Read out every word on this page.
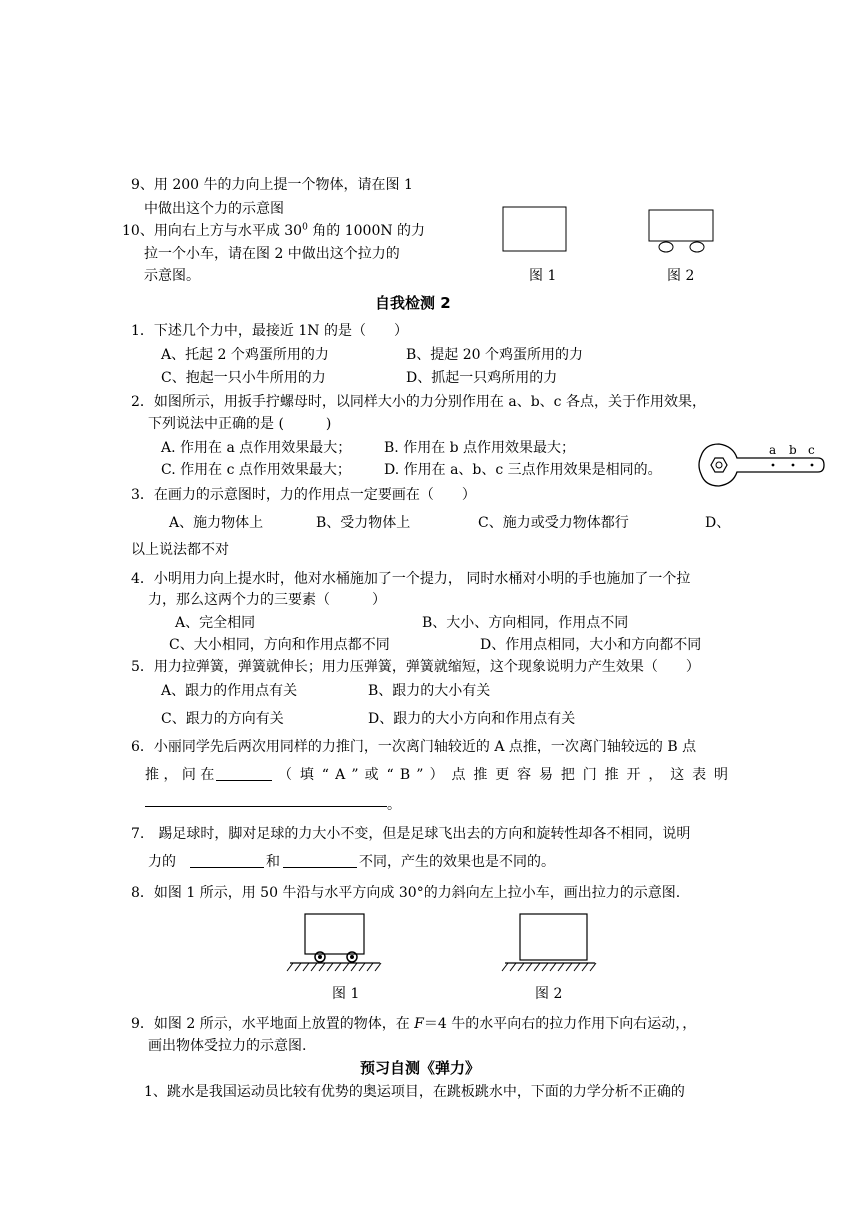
9、用 200 牛的力向上提一个物体，请在图 1
中做出这个力的示意图
10、用向右上方与水平成 $30^0$ 角的 1000N 的力
拉一个小车，请在图 2 中做出这个拉力的
示意图。	图 1	图 2
自我检测 2
1．下述几个力中，最接近 1N 的是（　　）
A、托起 2 个鸡蛋所用的力	B、提起 20 个鸡蛋所用的力
C、抱起一只小牛所用的力	D、抓起一只鸡所用的力
2．如图所示，用扳手拧螺母时，以同样大小的力分别作用在 a、b、c 各点，关于作用效果，
下列说法中正确的是 (　　　)
A. 作用在 a 点作用效果最大； B. 作用在 b 点作用效果最大；
C. 作用在 c 点作用效果最大； D. 作用在 a、b、c 三点作用效果是相同的。
a b c
3．在画力的示意图时，力的作用点一定要画在（　　）
A、施力物体上	B、受力物体上	C、施力或受力物体都行	D、
以上说法都不对
4．小明用力向上提水时，他对水桶施加了一个提力， 同时水桶对小明的手也施加了一个拉
力，那么这两个力的三要素（　　　）
A、完全相同	B、大小、方向相同，作用点不同
C、大小相同，方向和作用点都不同	D、作用点相同，大小和方向都不同
5．用力拉弹簧，弹簧就伸长；用力压弹簧，弹簧就缩短，这个现象说明力产生效果（　　）
A、跟力的作用点有关	B、跟力的大小有关
C、跟力的方向有关	D、跟力的大小方向和作用点有关
6．小丽同学先后两次用同样的力推门，一次离门轴较近的 A 点推，一次离门轴较远的 B 点
推 ， 问 在	（ 填 “ A ” 或 “ B ” ） 点 推 更 容 易 把 门 推 开 ， 这 表 明
。
7.　踢足球时，脚对足球的力大小不变，但是足球飞出去的方向和旋转性却各不相同，说明
力的	和	不同，产生的效果也是不同的。
8．如图 1 所示，用 50 牛沿与水平方向成 30°的力斜向左上拉小车，画出拉力的示意图.
图 1	图 2
9．如图 2 所示，水平地面上放置的物体，在 F＝4 牛的水平向右的拉力作用下向右运动，，
画出物体受拉力的示意图.
预习自测《弹力》
1、跳水是我国运动员比较有优势的奥运项目，在跳板跳水中，下面的力学分析不正确的
